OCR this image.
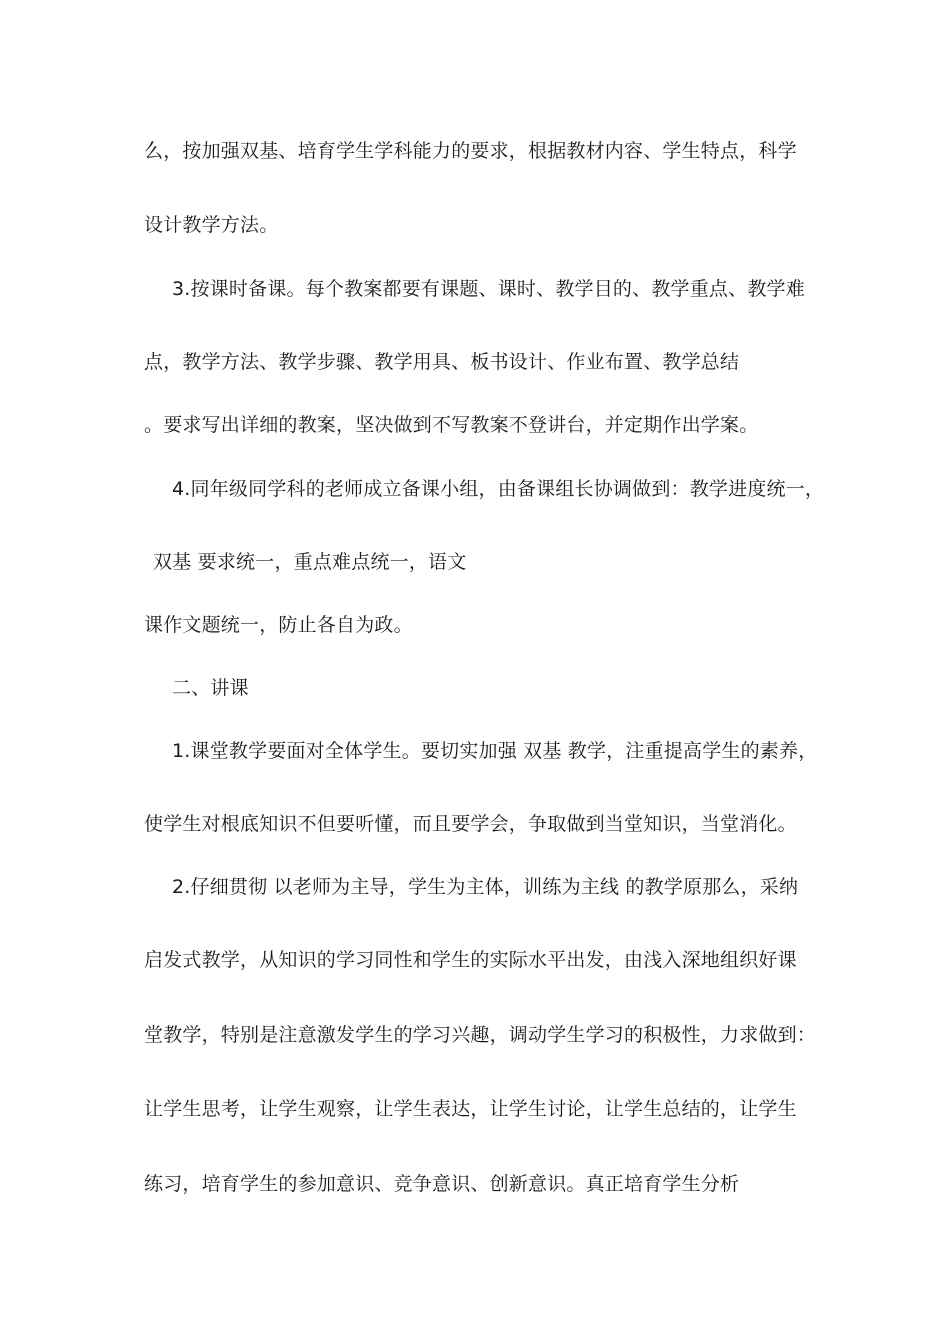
么，按加强双基、培育学生学科能力的要求，根据教材内容、学生特点，科学
设计教学方法。
3.按课时备课。每个教案都要有课题、课时、教学目的、教学重点、教学难
点，教学方法、教学步骤、教学用具、板书设计、作业布置、教学总结
。要求写出详细的教案，坚决做到不写教案不登讲台，并定期作出学案。
4.同年级同学科的老师成立备课小组，由备课组长协调做到：教学进度统一，
双基 要求统一，重点难点统一，语文
课作文题统一，防止各自为政。
二、讲课
1.课堂教学要面对全体学生。要切实加强 双基 教学，注重提高学生的素养，
使学生对根底知识不但要听懂，而且要学会，争取做到当堂知识，当堂消化。
2.仔细贯彻 以老师为主导，学生为主体，训练为主线 的教学原那么，采纳
启发式教学，从知识的学习同性和学生的实际水平出发，由浅入深地组织好课
堂教学，特别是注意激发学生的学习兴趣，调动学生学习的积极性，力求做到：
让学生思考，让学生观察，让学生表达，让学生讨论，让学生总结的，让学生
练习，培育学生的参加意识、竞争意识、创新意识。真正培育学生分析
